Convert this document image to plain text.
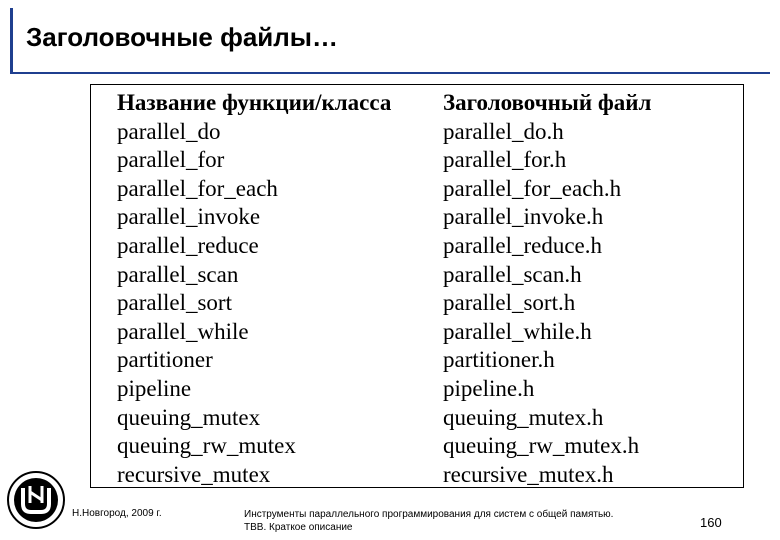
Заголовочные файлы…
Название функции/класса
parallel_do
parallel_for
parallel_for_each
parallel_invoke
parallel_reduce
parallel_scan
parallel_sort
parallel_while
partitioner
pipeline
queuing_mutex
queuing_rw_mutex
recursive_mutex
Заголовочный файл
parallel_do.h
parallel_for.h
parallel_for_each.h
parallel_invoke.h
parallel_reduce.h
parallel_scan.h
parallel_sort.h
parallel_while.h
partitioner.h
pipeline.h
queuing_mutex.h
queuing_rw_mutex.h
recursive_mutex.h
Н.Новгород, 2009 г.	Инструменты параллельного программирования для систем с общей памятью.
TBB. Краткое описание	160
